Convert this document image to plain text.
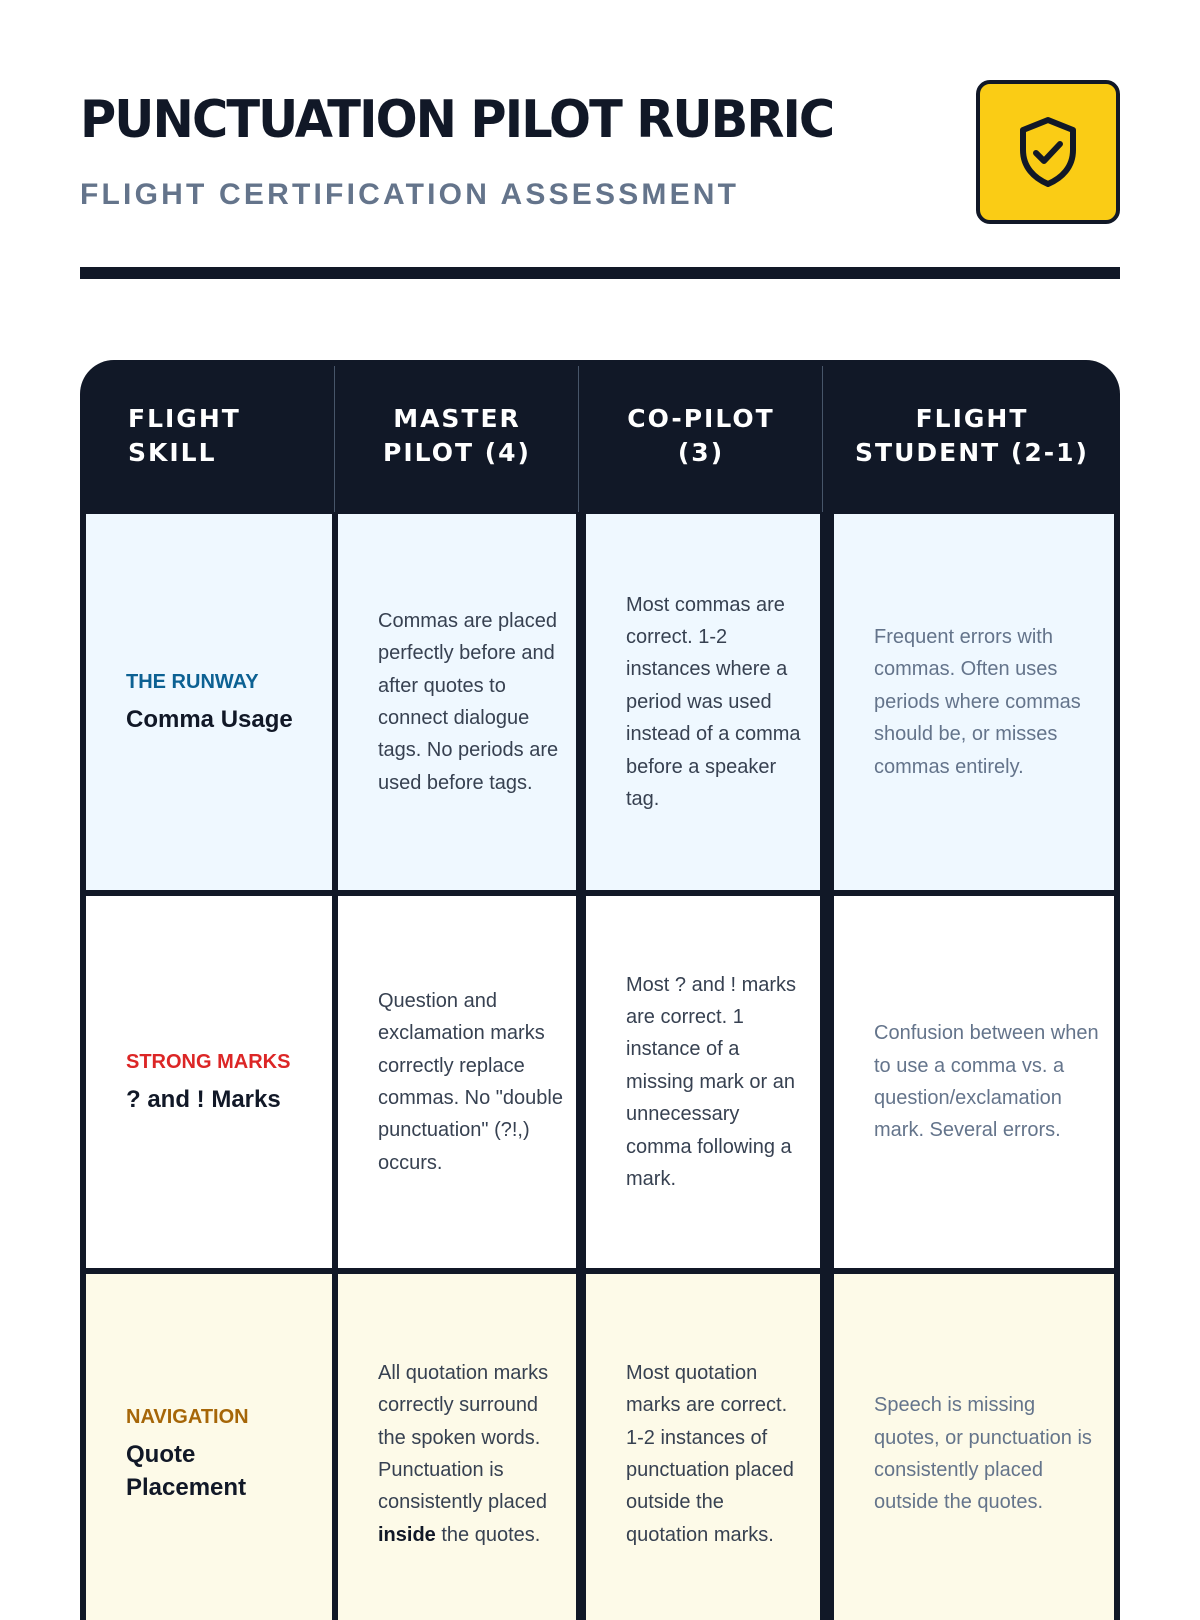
PUNCTUATION PILOT RUBRIC
FLIGHT CERTIFICATION ASSESSMENT
FLIGHT SKILL
MASTER PILOT (4)
CO-PILOT (3)
FLIGHT STUDENT (2-1)
THE RUNWAY
Comma Usage

Commas are placed perfectly before and after quotes to connect dialogue tags. No periods are used before tags.

Most commas are correct. 1-2 instances where a period was used instead of a comma before a speaker tag.

Frequent errors with commas. Often uses periods where commas should be, or misses commas entirely.

STRONG MARKS
? and ! Marks

Question and exclamation marks correctly replace commas. No "double punctuation" (?!,) occurs.

Most ? and ! marks are correct. 1 instance of a missing mark or an unnecessary comma following a mark.

Confusion between when to use a comma vs. a question/exclamation mark. Several errors.

NAVIGATION
Quote Placement

All quotation marks correctly surround the spoken words. Punctuation is consistently placed inside the quotes.

Most quotation marks are correct. 1-2 instances of punctuation placed outside the quotation marks.

Speech is missing quotes, or punctuation is consistently placed outside the quotes.
